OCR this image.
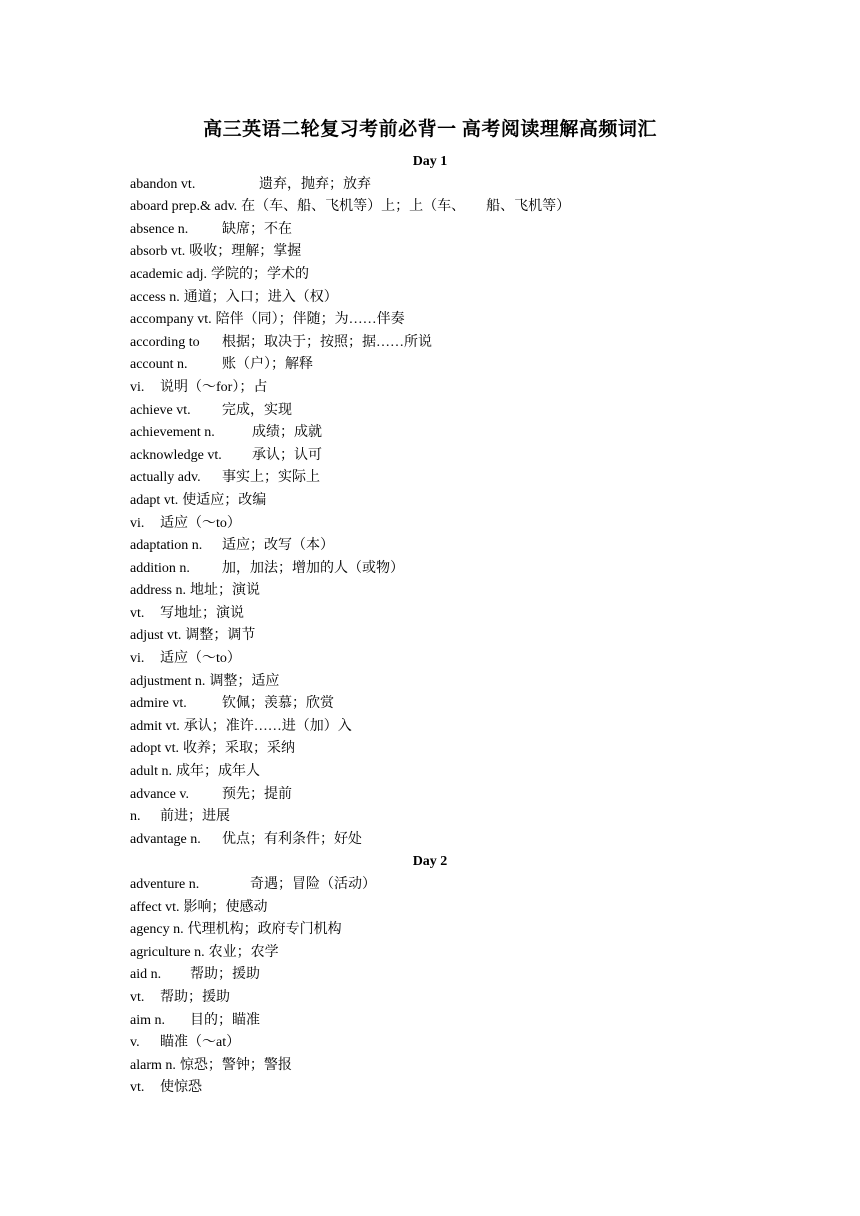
高三英语二轮复习考前必背一 高考阅读理解高频词汇
Day 1
abandon vt.	遗弃，抛弃；放弃
aboard prep.& adv. 在（车、船、飞机等）上；上（车、　　船、飞机等）
absence n. 缺席；不在
absorb vt. 吸收；理解；掌握
academic adj. 学院的；学术的
access n. 通道；入口；进入（权）
accompany vt. 陪伴（同）；伴随；为……伴奏
according to 根据；取决于；按照；据……所说
account n. 账（户）；解释
vi. 说明（～for）；占
achieve vt. 完成，实现
achievement n.	成绩；成就
acknowledge vt. 承认；认可
actually adv. 事实上；实际上
adapt vt. 使适应；改编
vi. 适应（～to）
adaptation n. 适应；改写（本）
addition n. 加，加法；增加的人（或物）
address n. 地址；演说
vt. 写地址；演说
adjust vt. 调整；调节
vi. 适应（～to）
adjustment n. 调整；适应
admire vt.	钦佩；羡慕；欣赏
admit vt. 承认；准许……进（加）入
adopt vt. 收养；采取；采纳
adult n. 成年；成年人
advance v. 预先；提前
n. 前进；进展
advantage n. 优点；有利条件；好处
Day 2
adventure n.	奇遇；冒险（活动）
affect vt. 影响；使感动
agency n. 代理机构；政府专门机构
agriculture n. 农业；农学
aid n. 帮助；援助
vt. 帮助；援助
aim n. 目的；瞄准
v. 瞄准（～at）
alarm n. 惊恐；警钟；警报
vt. 使惊恐
